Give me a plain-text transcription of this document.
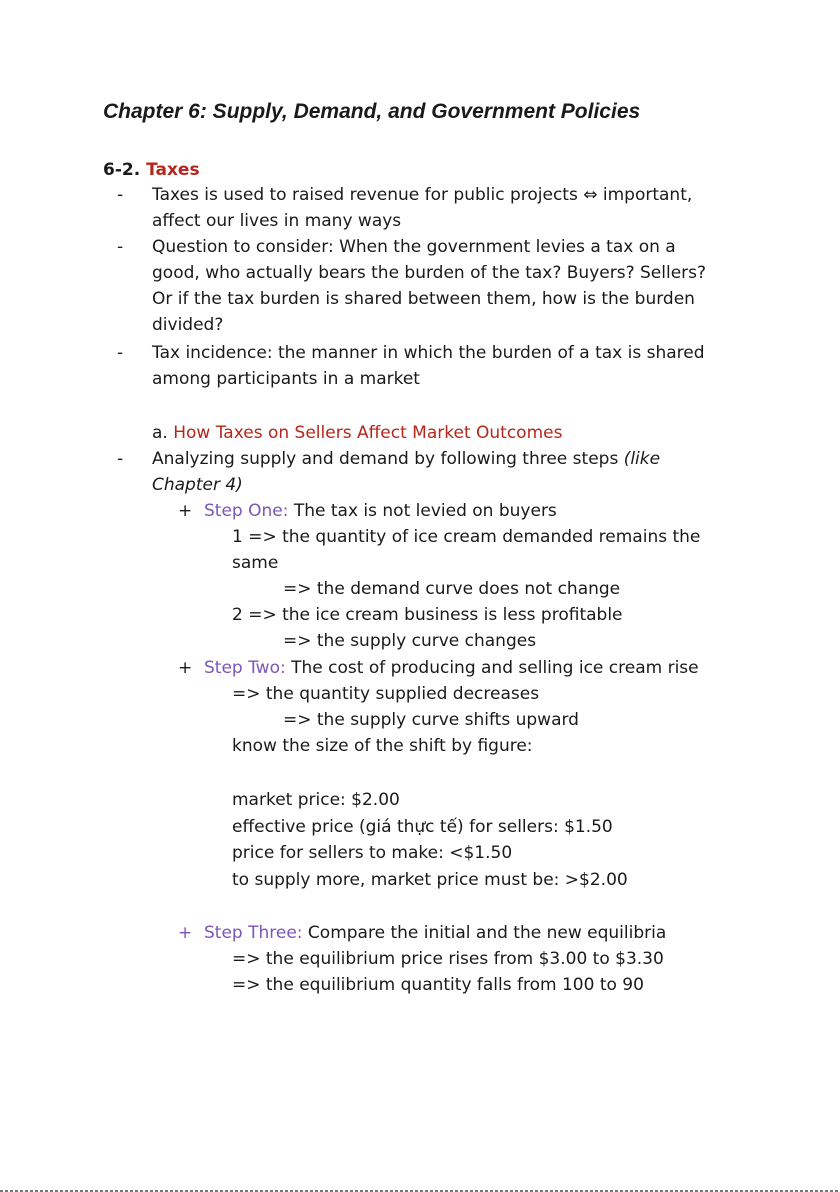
Chapter 6: Supply, Demand, and Government Policies
6-2. Taxes
- Taxes is used to raised revenue for public projects ⇔ important,
affect our lives in many ways
- Question to consider: When the government levies a tax on a
good, who actually bears the burden of the tax? Buyers? Sellers?
Or if the tax burden is shared between them, how is the burden
divided?
- Tax incidence: the manner in which the burden of a tax is shared
among participants in a market
a. How Taxes on Sellers Affect Market Outcomes
- Analyzing supply and demand by following three steps (like
Chapter 4)
+ Step One: The tax is not levied on buyers
1 => the quantity of ice cream demanded remains the
same
=> the demand curve does not change
2 => the ice cream business is less profitable
=> the supply curve changes
+ Step Two: The cost of producing and selling ice cream rise
=> the quantity supplied decreases
=> the supply curve shifts upward
know the size of the shift by figure:
market price: $2.00
effective price (giá thực tế) for sellers: $1.50
price for sellers to make: <$1.50
to supply more, market price must be: >$2.00
+ Step Three: Compare the initial and the new equilibria
=> the equilibrium price rises from $3.00 to $3.30
=> the equilibrium quantity falls from 100 to 90
